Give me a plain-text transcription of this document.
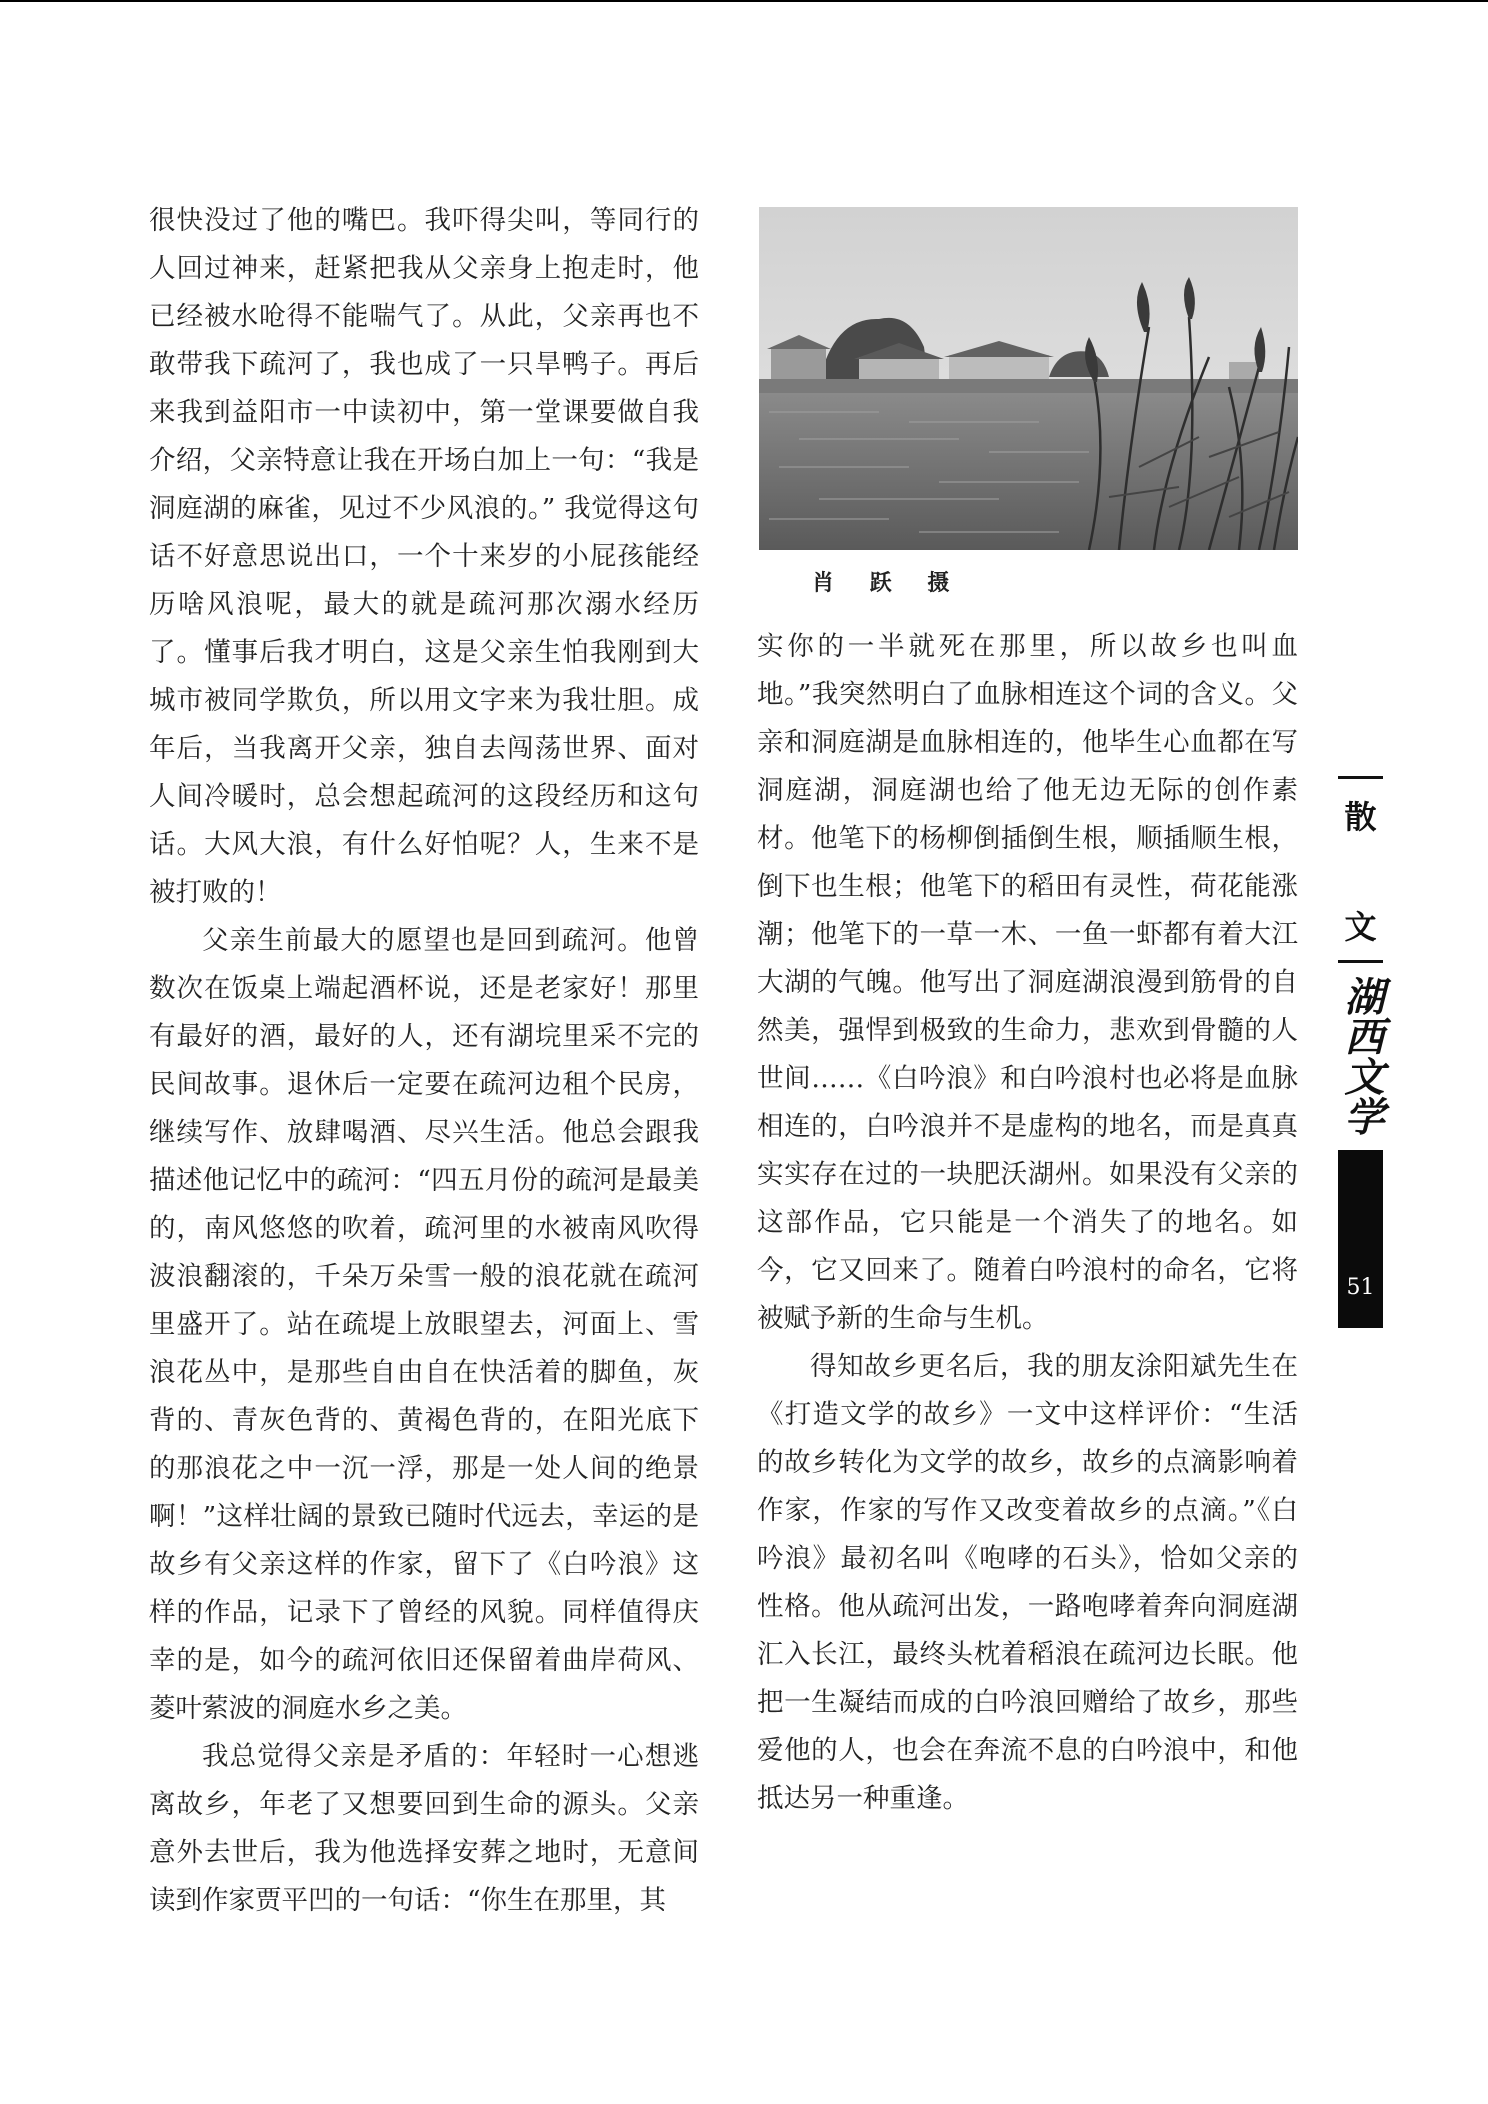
很快没过了他的嘴巴。我吓得尖叫，等同行的人回过神来，赶紧把我从父亲身上抱走时，他已经被水呛得不能喘气了。从此，父亲再也不敢带我下疏河了，我也成了一只旱鸭子。再后来我到益阳市一中读初中，第一堂课要做自我介绍，父亲特意让我在开场白加上一句：“我是洞庭湖的麻雀，见过不少风浪的。” 我觉得这句话不好意思说出口，一个十来岁的小屁孩能经历啥风浪呢，最大的就是疏河那次溺水经历了。懂事后我才明白，这是父亲生怕我刚到大城市被同学欺负，所以用文字来为我壮胆。成年后，当我离开父亲，独自去闯荡世界、面对人间冷暖时，总会想起疏河的这段经历和这句话。大风大浪，有什么好怕呢？人，生来不是被打败的！

父亲生前最大的愿望也是回到疏河。他曾数次在饭桌上端起酒杯说，还是老家好！那里有最好的酒，最好的人，还有湖垸里采不完的民间故事。退休后一定要在疏河边租个民房，继续写作、放肆喝酒、尽兴生活。他总会跟我描述他记忆中的疏河：“四五月份的疏河是最美的，南风悠悠的吹着，疏河里的水被南风吹得波浪翻滚的，千朵万朵雪一般的浪花就在疏河里盛开了。站在疏堤上放眼望去，河面上、雪浪花丛中，是那些自由自在快活着的脚鱼，灰背的、青灰色背的、黄褐色背的，在阳光底下的那浪花之中一沉一浮，那是一处人间的绝景啊！”这样壮阔的景致已随时代远去，幸运的是故乡有父亲这样的作家，留下了《白吟浪》这样的作品，记录下了曾经的风貌。同样值得庆幸的是，如今的疏河依旧还保留着曲岸荷风、菱叶萦波的洞庭水乡之美。

我总觉得父亲是矛盾的：年轻时一心想逃离故乡，年老了又想要回到生命的源头。父亲意外去世后，我为他选择安葬之地时，无意间读到作家贾平凹的一句话：“你生在那里，其

肖 跃 摄

实你的一半就死在那里，所以故乡也叫血地。”我突然明白了血脉相连这个词的含义。父亲和洞庭湖是血脉相连的，他毕生心血都在写洞庭湖，洞庭湖也给了他无边无际的创作素材。他笔下的杨柳倒插倒生根，顺插顺生根，倒下也生根；他笔下的稻田有灵性，荷花能涨潮；他笔下的一草一木、一鱼一虾都有着大江大湖的气魄。他写出了洞庭湖浪漫到筋骨的自然美，强悍到极致的生命力，悲欢到骨髓的人世间……《白吟浪》和白吟浪村也必将是血脉相连的，白吟浪并不是虚构的地名，而是真真实实存在过的一块肥沃湖州。如果没有父亲的这部作品，它只能是一个消失了的地名。如今，它又回来了。随着白吟浪村的命名，它将被赋予新的生命与生机。

得知故乡更名后，我的朋友涂阳斌先生在《打造文学的故乡》一文中这样评价：“生活的故乡转化为文学的故乡，故乡的点滴影响着作家，作家的写作又改变着故乡的点滴。”《白吟浪》最初名叫《咆哮的石头》，恰如父亲的性格。他从疏河出发，一路咆哮着奔向洞庭湖汇入长江，最终头枕着稻浪在疏河边长眠。他把一生凝结而成的白吟浪回赠给了故乡，那些爱他的人，也会在奔流不息的白吟浪中，和他抵达另一种重逢。

散
文
湖西文学
51
